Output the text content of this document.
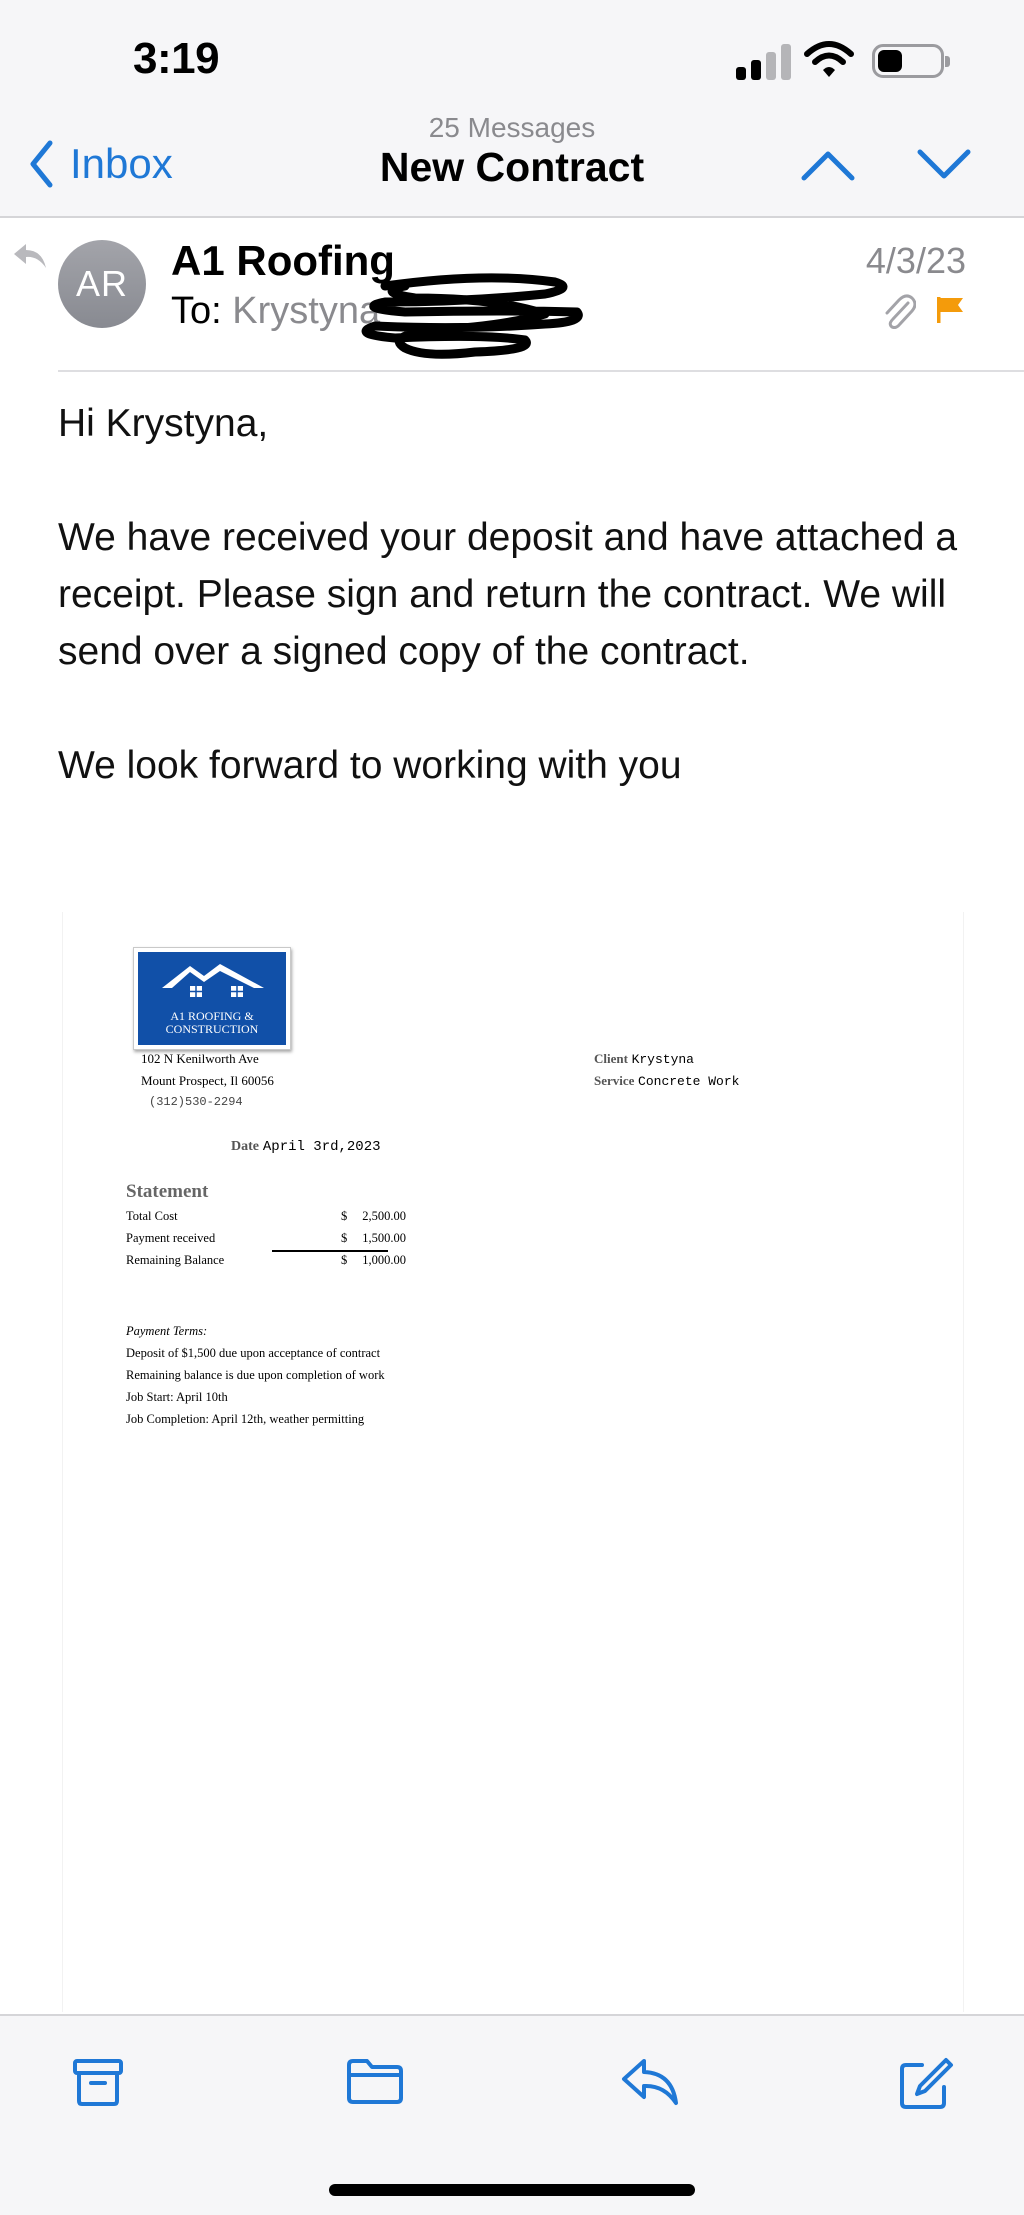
3:19
Inbox
25 Messages
New Contract
AR	A1 Roofing
To: Krystyna
4/3/23

Hi Krystyna,

We have received your deposit and have attached a receipt. Please sign and return the contract. We will send over a signed copy of the contract.

We look forward to working with you

A1 ROOFING &
CONSTRUCTION
102 N Kenilworth Ave
Mount Prospect, Il 60056
(312)530-2294
Client Krystyna
Service Concrete Work
Date April 3rd,2023
Statement
Total Cost	$ 2,500.00
Payment received	$ 1,500.00
Remaining Balance	$ 1,000.00
Payment Terms:
Deposit of $1,500 due upon acceptance of contract
Remaining balance is due upon completion of work
Job Start: April 10th
Job Completion: April 12th, weather permitting
